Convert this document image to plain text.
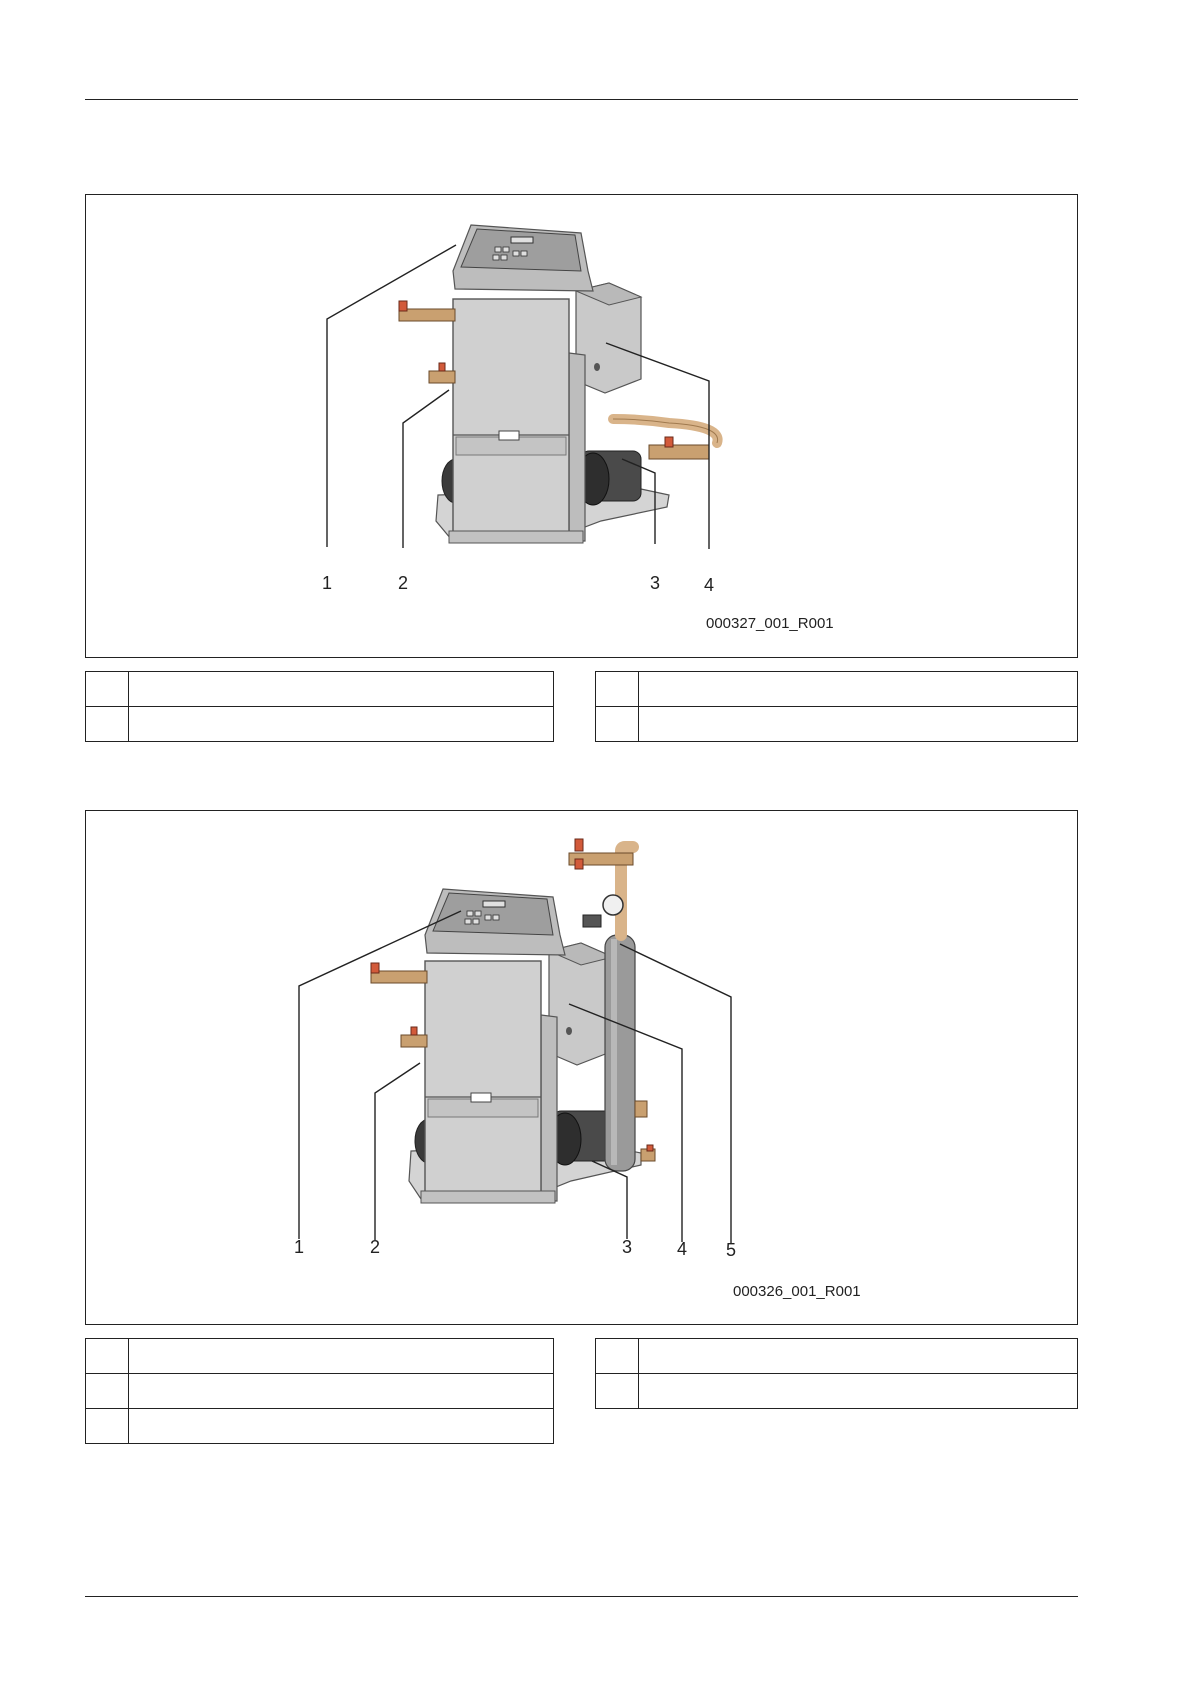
1	2	3 4
000327_001_R001

1	2	3 4 5
000326_001_R001
